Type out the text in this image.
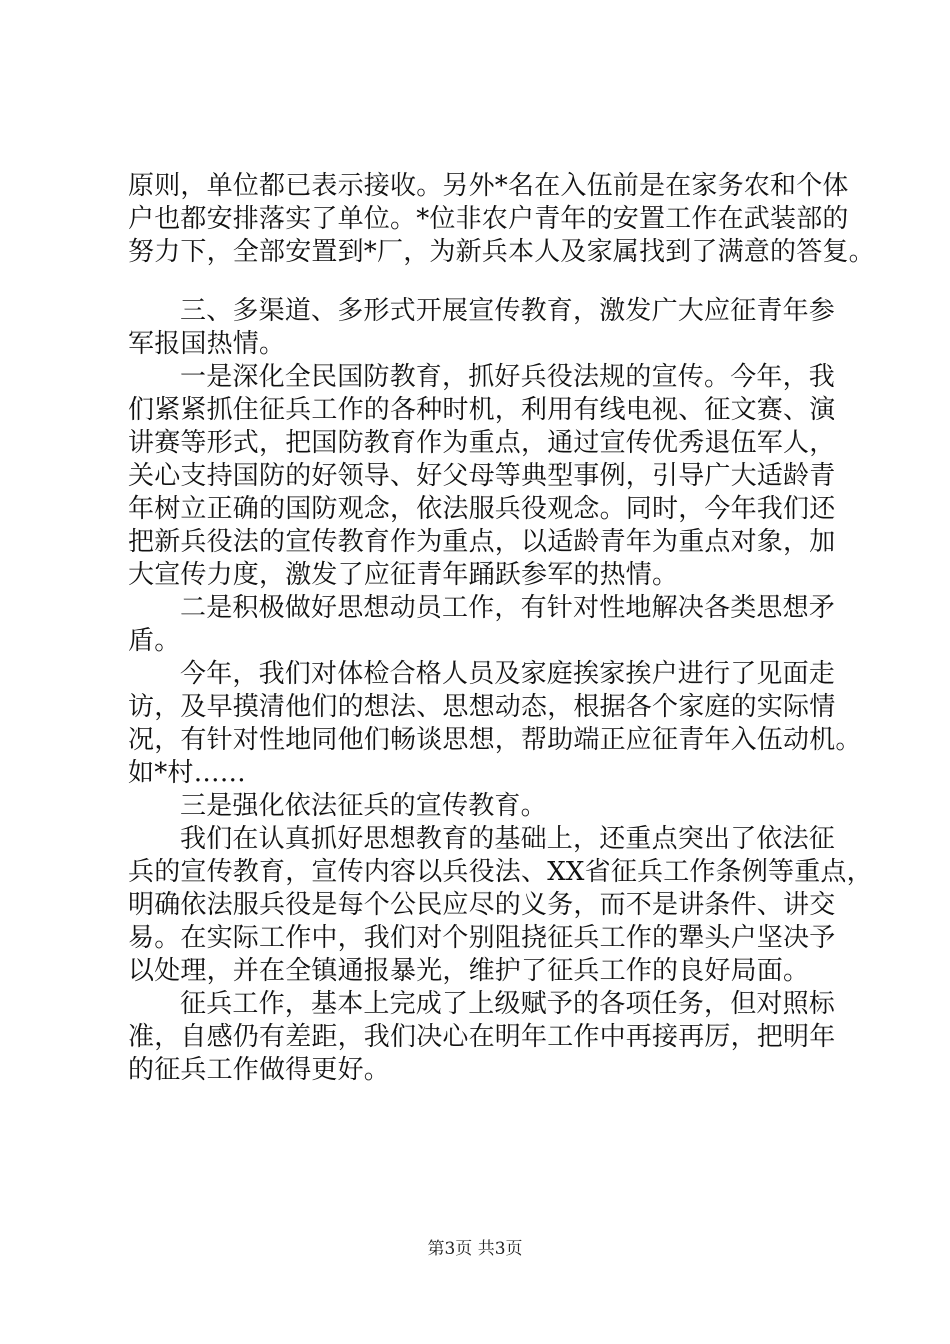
原则，单位都已表示接收。另外*名在入伍前是在家务农和个体
户也都安排落实了单位。*位非农户青年的安置工作在武装部的
努力下，全部安置到*厂，为新兵本人及家属找到了满意的答复。
三、多渠道、多形式开展宣传教育，激发广大应征青年参
军报国热情。
一是深化全民国防教育，抓好兵役法规的宣传。今年，我
们紧紧抓住征兵工作的各种时机，利用有线电视、征文赛、演
讲赛等形式，把国防教育作为重点，通过宣传优秀退伍军人，
关心支持国防的好领导、好父母等典型事例，引导广大适龄青
年树立正确的国防观念，依法服兵役观念。同时，今年我们还
把新兵役法的宣传教育作为重点，以适龄青年为重点对象，加
大宣传力度，激发了应征青年踊跃参军的热情。
二是积极做好思想动员工作，有针对性地解决各类思想矛
盾。
今年，我们对体检合格人员及家庭挨家挨户进行了见面走
访，及早摸清他们的想法、思想动态，根据各个家庭的实际情
况，有针对性地同他们畅谈思想，帮助端正应征青年入伍动机。
如*村……
三是强化依法征兵的宣传教育。
我们在认真抓好思想教育的基础上，还重点突出了依法征
兵的宣传教育，宣传内容以兵役法、XX省征兵工作条例等重点，
明确依法服兵役是每个公民应尽的义务，而不是讲条件、讲交
易。在实际工作中，我们对个别阻挠征兵工作的犟头户坚决予
以处理，并在全镇通报暴光，维护了征兵工作的良好局面。
征兵工作，基本上完成了上级赋予的各项任务，但对照标
准，自感仍有差距，我们决心在明年工作中再接再厉，把明年
的征兵工作做得更好。
第3页 共3页
